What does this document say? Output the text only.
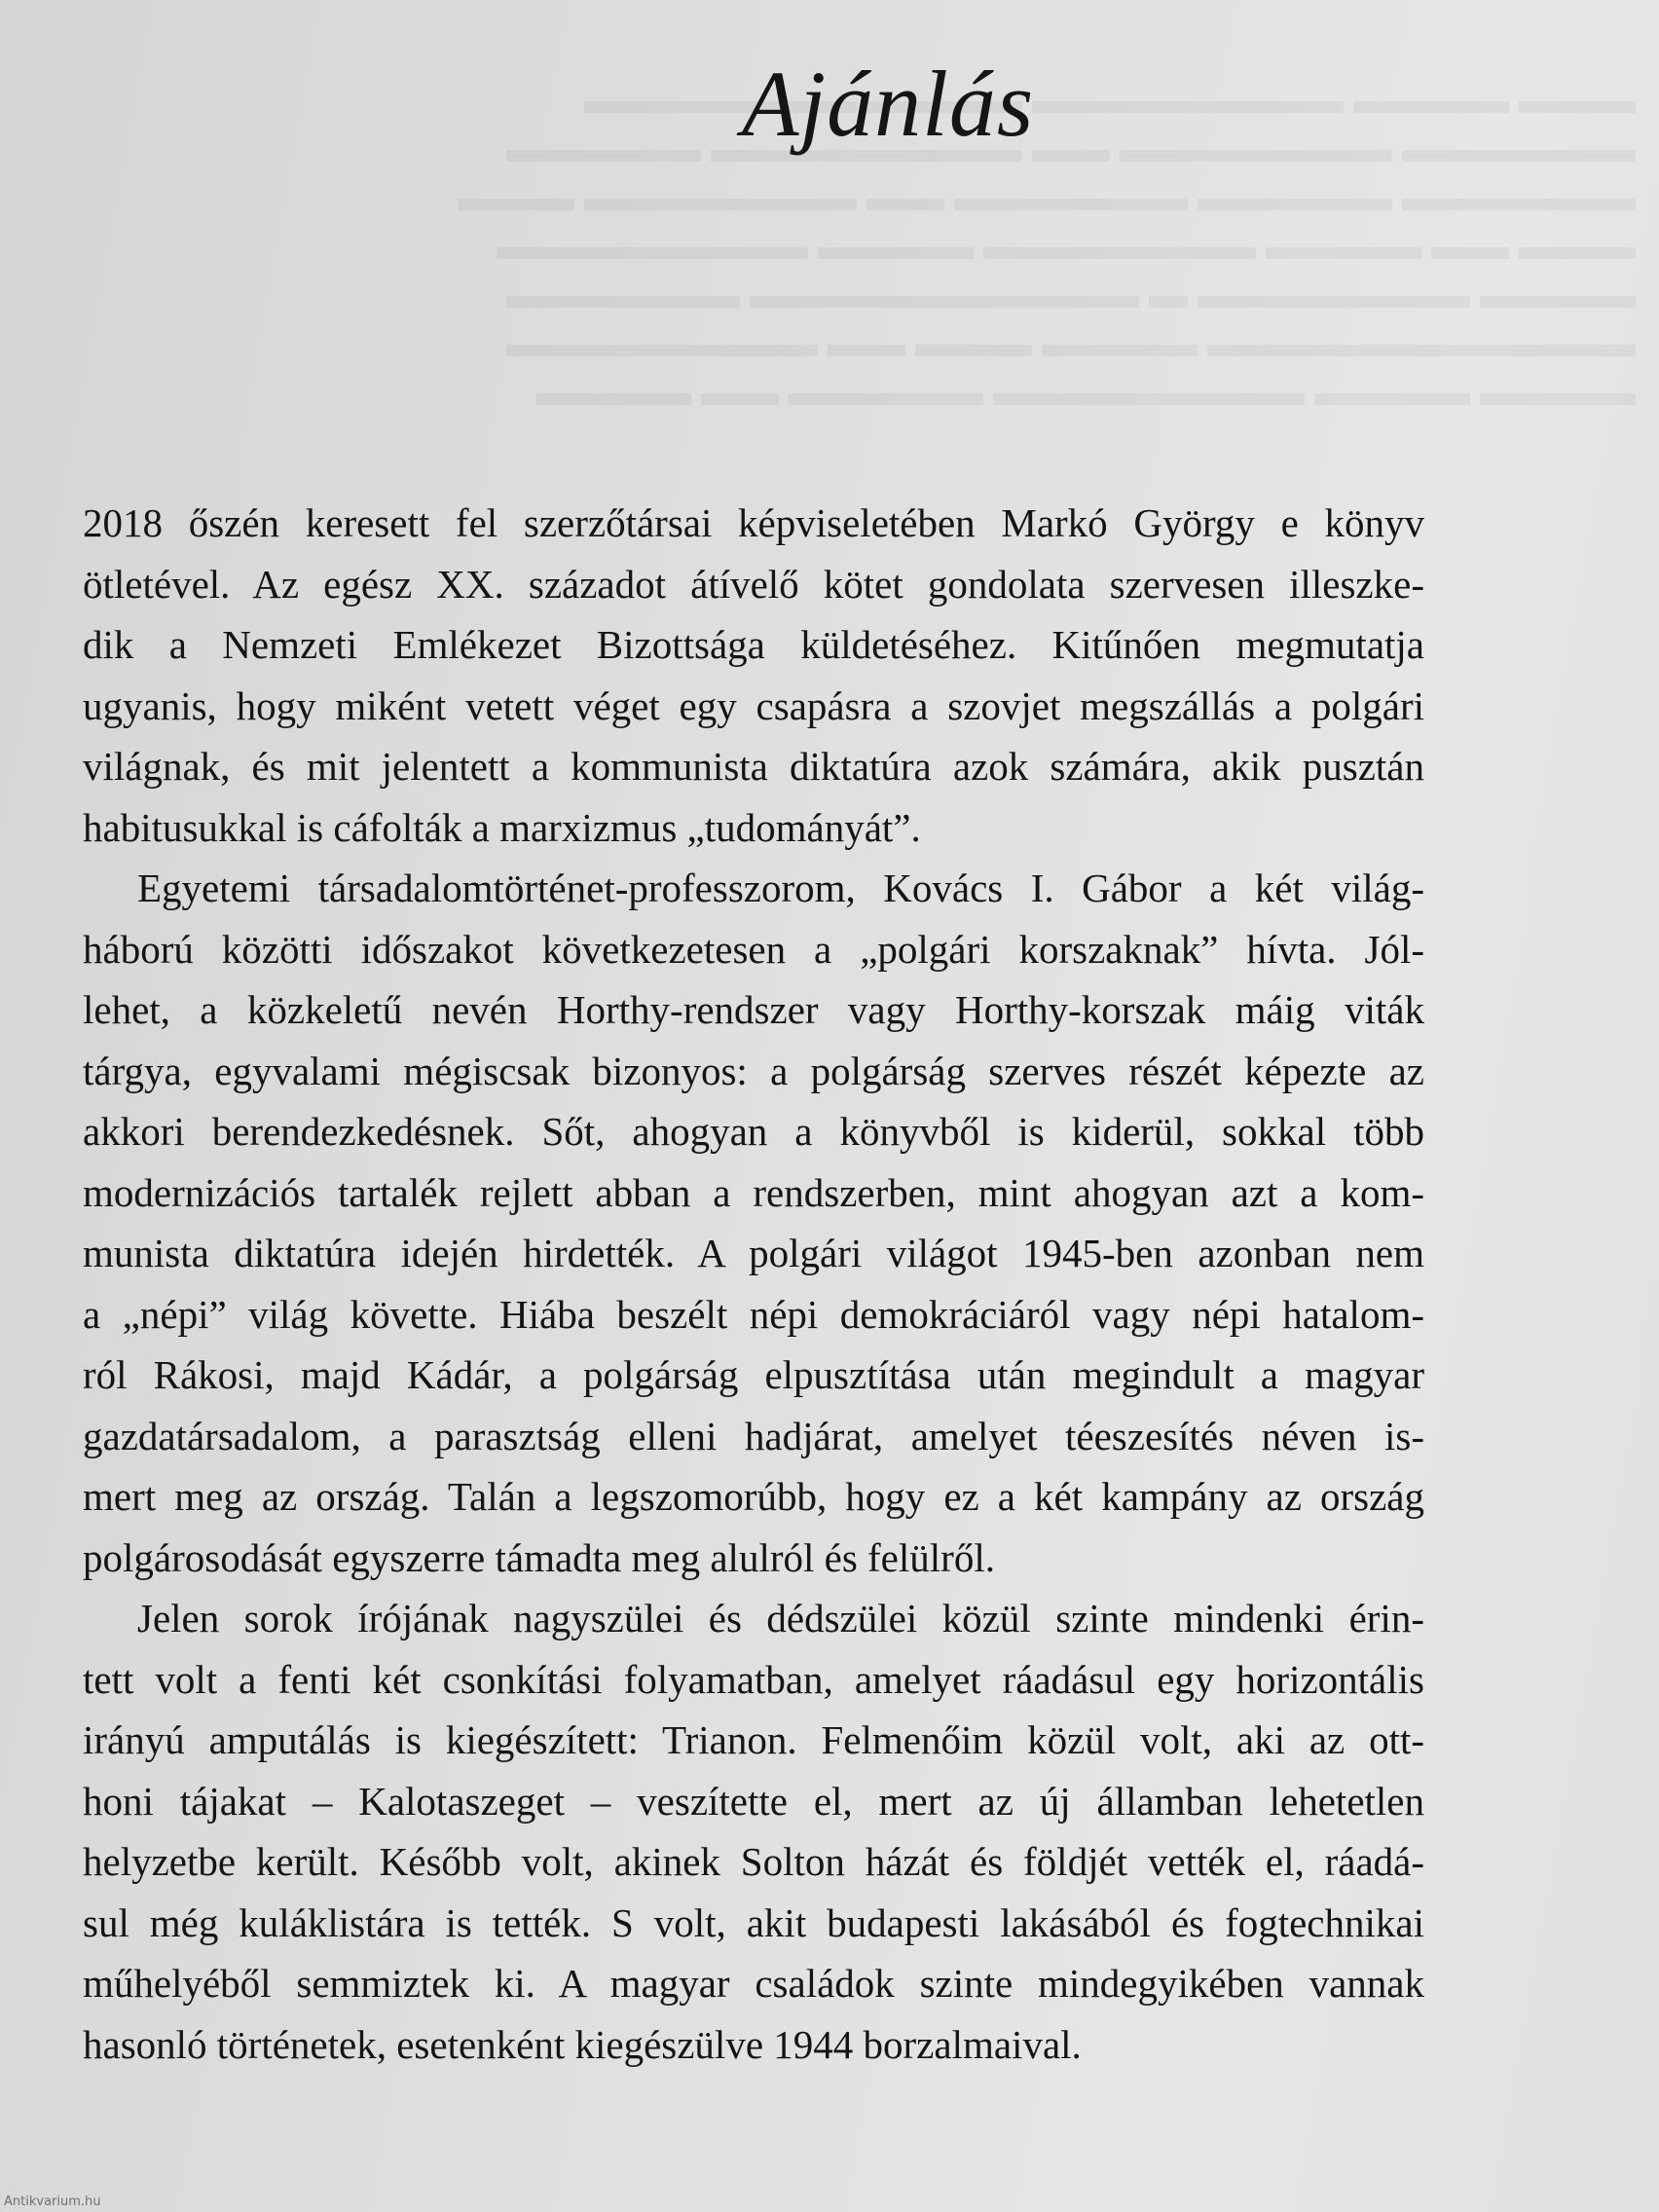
Ajánlás
2018 őszén keresett fel szerzőtársai képviseletében Markó György e könyv
ötletével. Az egész XX. századot átívelő kötet gondolata szervesen illeszke-
dik a Nemzeti Emlékezet Bizottsága küldetéséhez. Kitűnően megmutatja
ugyanis, hogy miként vetett véget egy csapásra a szovjet megszállás a polgári
világnak, és mit jelentett a kommunista diktatúra azok számára, akik pusztán
habitusukkal is cáfolták a marxizmus „tudományát”.
Egyetemi társadalomtörténet-professzorom, Kovács I. Gábor a két világ-
háború közötti időszakot következetesen a „polgári korszaknak” hívta. Jól-
lehet, a közkeletű nevén Horthy-rendszer vagy Horthy-korszak máig viták
tárgya, egyvalami mégiscsak bizonyos: a polgárság szerves részét képezte az
akkori berendezkedésnek. Sőt, ahogyan a könyvből is kiderül, sokkal több
modernizációs tartalék rejlett abban a rendszerben, mint ahogyan azt a kom-
munista diktatúra idején hirdették. A polgári világot 1945-ben azonban nem
a „népi” világ követte. Hiába beszélt népi demokráciáról vagy népi hatalom-
ról Rákosi, majd Kádár, a polgárság elpusztítása után megindult a magyar
gazdatársadalom, a parasztság elleni hadjárat, amelyet téeszesítés néven is-
mert meg az ország. Talán a legszomorúbb, hogy ez a két kampány az ország
polgárosodását egyszerre támadta meg alulról és felülről.
Jelen sorok írójának nagyszülei és dédszülei közül szinte mindenki érin-
tett volt a fenti két csonkítási folyamatban, amelyet ráadásul egy horizontális
irányú amputálás is kiegészített: Trianon. Felmenőim közül volt, aki az ott-
honi tájakat – Kalotaszeget – veszítette el, mert az új államban lehetetlen
helyzetbe került. Később volt, akinek Solton házát és földjét vették el, ráadá-
sul még kuláklistára is tették. S volt, akit budapesti lakásából és fogtechnikai
műhelyéből semmiztek ki. A magyar családok szinte mindegyikében vannak
hasonló történetek, esetenként kiegészülve 1944 borzalmaival.
Antikvarium.hu
